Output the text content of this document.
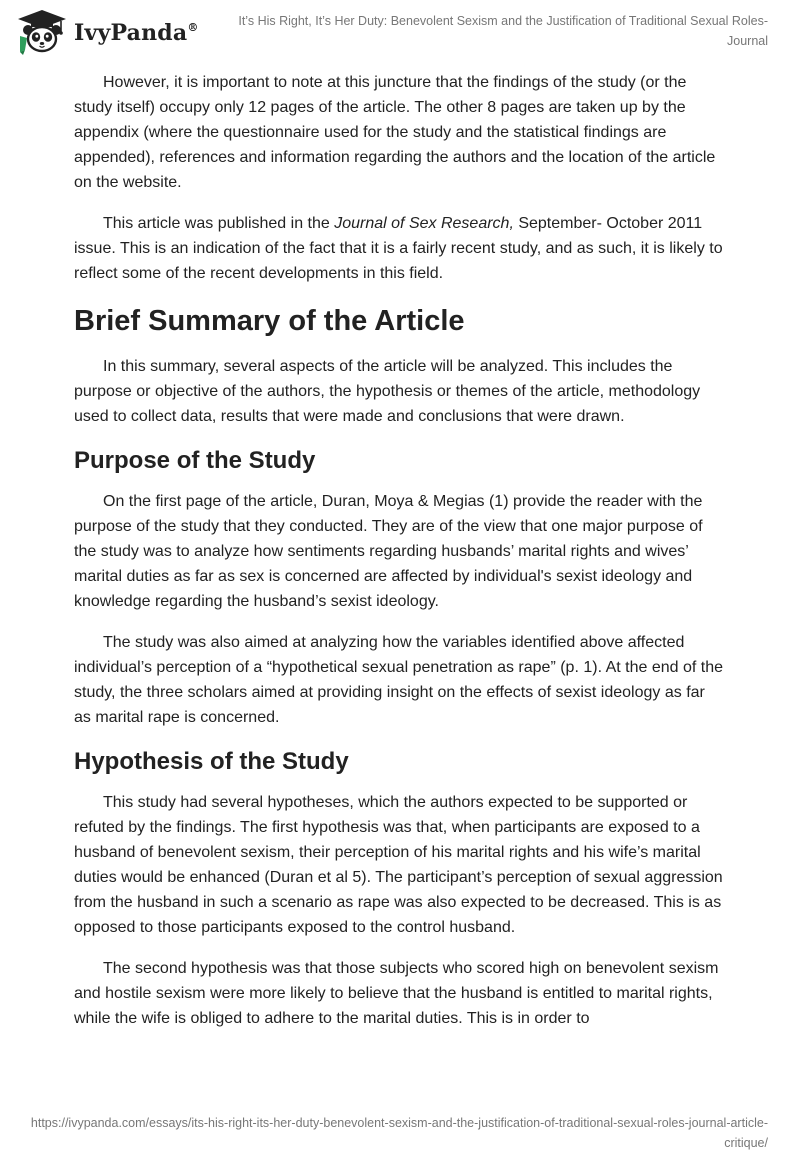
IvyPanda®	It’s His Right, It’s Her Duty: Benevolent Sexism and the Justification of Traditional Sexual Roles- Journal

However, it is important to note at this juncture that the findings of the study (or the study itself) occupy only 12 pages of the article. The other 8 pages are taken up by the appendix (where the questionnaire used for the study and the statistical findings are appended), references and information regarding the authors and the location of the article on the website.

This article was published in the Journal of Sex Research, September- October 2011 issue. This is an indication of the fact that it is a fairly recent study, and as such, it is likely to reflect some of the recent developments in this field.

Brief Summary of the Article

In this summary, several aspects of the article will be analyzed. This includes the purpose or objective of the authors, the hypothesis or themes of the article, methodology used to collect data, results that were made and conclusions that were drawn.

Purpose of the Study

On the first page of the article, Duran, Moya & Megias (1) provide the reader with the purpose of the study that they conducted. They are of the view that one major purpose of the study was to analyze how sentiments regarding husbands’ marital rights and wives’ marital duties as far as sex is concerned are affected by individual's sexist ideology and knowledge regarding the husband’s sexist ideology.

The study was also aimed at analyzing how the variables identified above affected individual’s perception of a “hypothetical sexual penetration as rape” (p. 1). At the end of the study, the three scholars aimed at providing insight on the effects of sexist ideology as far as marital rape is concerned.

Hypothesis of the Study

This study had several hypotheses, which the authors expected to be supported or refuted by the findings. The first hypothesis was that, when participants are exposed to a husband of benevolent sexism, their perception of his marital rights and his wife’s marital duties would be enhanced (Duran et al 5). The participant’s perception of sexual aggression from the husband in such a scenario as rape was also expected to be decreased. This is as opposed to those participants exposed to the control husband.

The second hypothesis was that those subjects who scored high on benevolent sexism and hostile sexism were more likely to believe that the husband is entitled to marital rights, while the wife is obliged to adhere to the marital duties. This is in order to

https://ivypanda.com/essays/its-his-right-its-her-duty-benevolent-sexism-and-the-justification-of-traditional-sexual-roles-journal-article-critique/
